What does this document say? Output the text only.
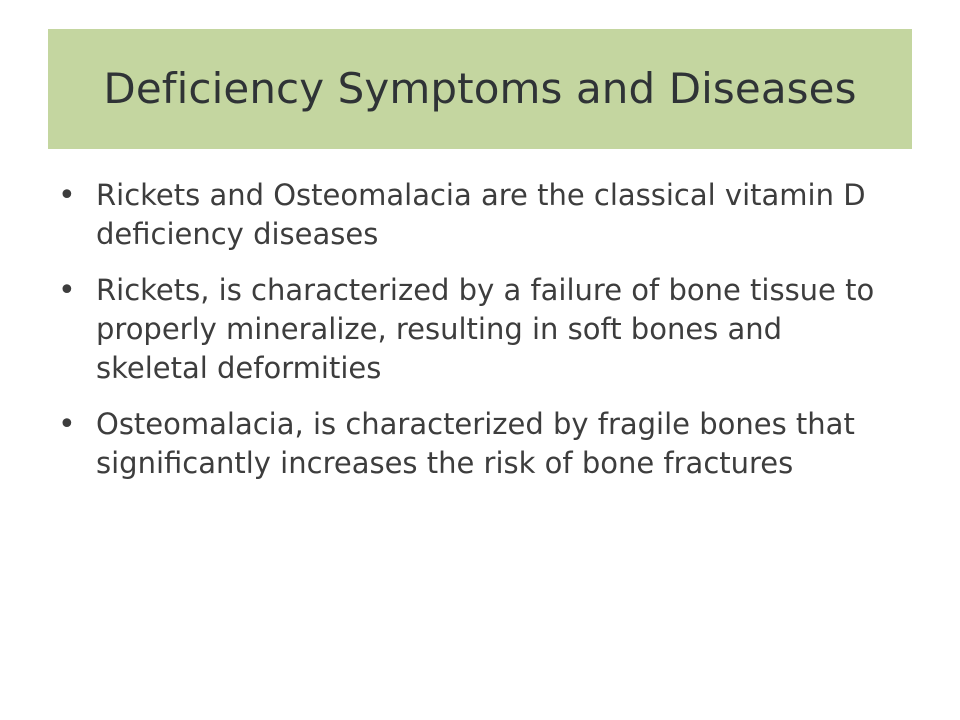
Deficiency Symptoms and Diseases
• Rickets and Osteomalacia are the classical vitamin D deficiency diseases
• Rickets, is characterized by a failure of bone tissue to properly mineralize, resulting in soft bones and skeletal deformities
• Osteomalacia, is characterized by fragile bones that significantly increases the risk of bone fractures
